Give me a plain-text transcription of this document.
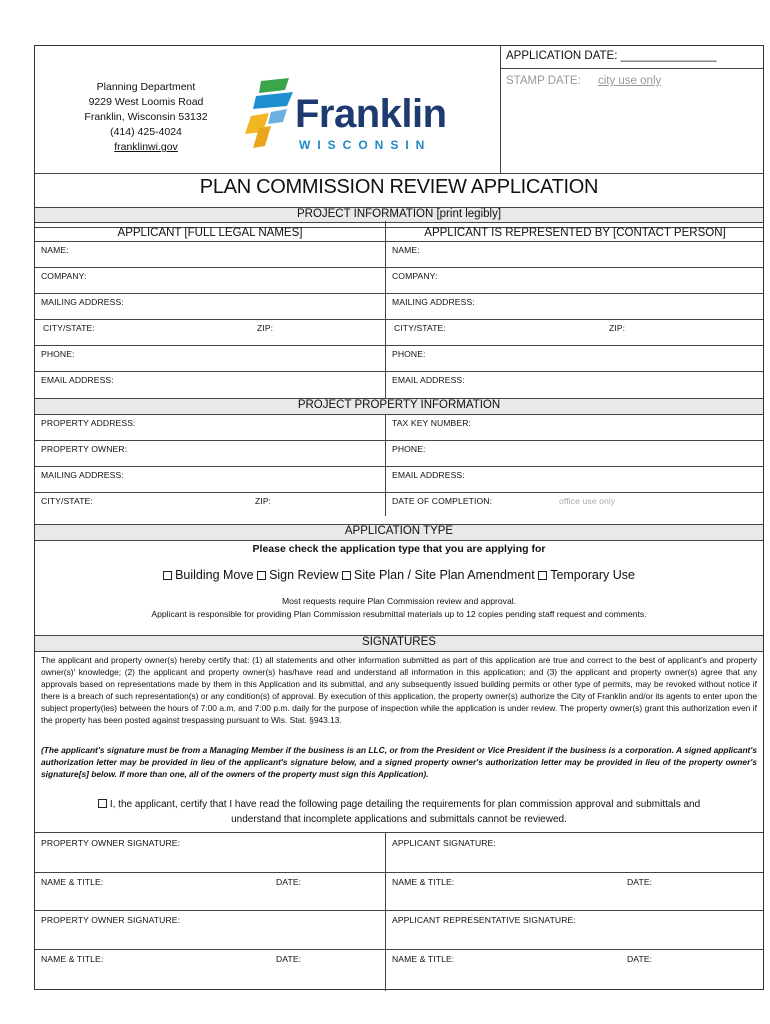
Planning Department
9229 West Loomis Road
Franklin, Wisconsin 53132
(414) 425-4024
franklinwi.gov
Franklin
WISCONSIN
APPLICATION DATE: _______________
STAMP DATE: city use only
PLAN COMMISSION REVIEW APPLICATION
PROJECT INFORMATION [print legibly]
APPLICANT [FULL LEGAL NAMES]	APPLICANT IS REPRESENTED BY [CONTACT PERSON]
NAME:	NAME:
COMPANY:	COMPANY:
MAILING ADDRESS:	MAILING ADDRESS:
CITY/STATE:	ZIP:	CITY/STATE:	ZIP:
PHONE:	PHONE:
EMAIL ADDRESS:	EMAIL ADDRESS:
PROJECT PROPERTY INFORMATION
PROPERTY ADDRESS:	TAX KEY NUMBER:
PROPERTY OWNER:	PHONE:
MAILING ADDRESS:	EMAIL ADDRESS:
CITY/STATE:	ZIP:	DATE OF COMPLETION:	office use only
APPLICATION TYPE
Please check the application type that you are applying for
Building Move Sign Review Site Plan / Site Plan Amendment Temporary Use
Most requests require Plan Commission review and approval.
Applicant is responsible for providing Plan Commission resubmittal materials up to 12 copies pending staff request and comments.
SIGNATURES
The applicant and property owner(s) hereby certify that: (1) all statements and other information submitted as part of this application are true and correct to the best of applicant's and property owner(s)' knowledge; (2) the applicant and property owner(s) has/have read and understand all information in this application; and (3) the applicant and property owner(s) agree that any approvals based on representations made by them in this Application and its submittal, and any subsequently issued building permits or other type of permits, may be revoked without notice if there is a breach of such representation(s) or any condition(s) of approval. By execution of this application, the property owner(s) authorize the City of Franklin and/or its agents to enter upon the subject property(ies) between the hours of 7:00 a.m. and 7:00 p.m. daily for the purpose of inspection while the application is under review. The property owner(s) grant this authorization even if the property has been posted against trespassing pursuant to Wis. Stat. §943.13.
(The applicant's signature must be from a Managing Member if the business is an LLC, or from the President or Vice President if the business is a corporation. A signed applicant's authorization letter may be provided in lieu of the applicant's signature below, and a signed property owner's authorization letter may be provided in lieu of the property owner's signature[s] below. If more than one, all of the owners of the property must sign this Application).
I, the applicant, certify that I have read the following page detailing the requirements for plan commission approval and submittals and
understand that incomplete applications and submittals cannot be reviewed.
PROPERTY OWNER SIGNATURE:	APPLICANT SIGNATURE:
NAME & TITLE:	DATE:	NAME & TITLE:	DATE:
PROPERTY OWNER SIGNATURE:	APPLICANT REPRESENTATIVE SIGNATURE:
NAME & TITLE:	DATE:	NAME & TITLE:	DATE:
